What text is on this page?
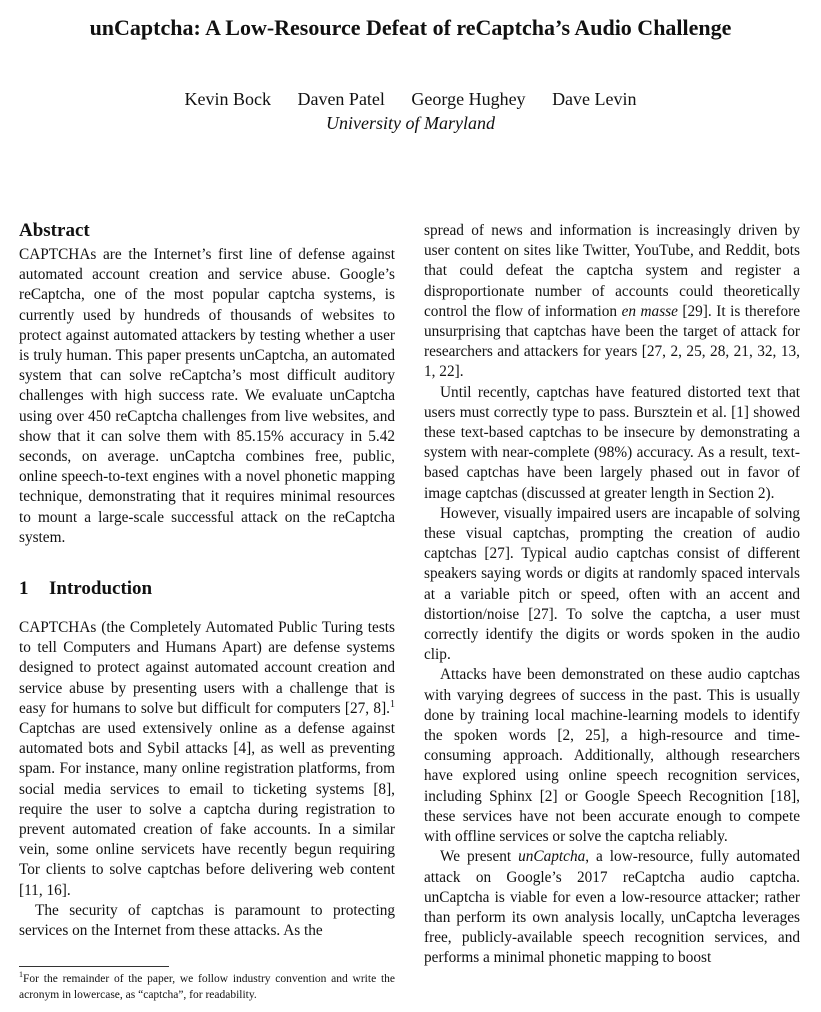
unCaptcha: A Low-Resource Defeat of reCaptcha’s Audio Challenge
Kevin Bock Daven Patel George Hughey Dave Levin
University of Maryland
Abstract

CAPTCHAs are the Internet’s first line of defense against automated account creation and service abuse. Google’s reCaptcha, one of the most popular captcha systems, is currently used by hundreds of thousands of websites to protect against automated attackers by testing whether a user is truly human. This paper presents unCaptcha, an automated system that can solve reCaptcha’s most difficult auditory challenges with high success rate. We evaluate unCaptcha using over 450 reCaptcha challenges from live websites, and show that it can solve them with 85.15% accuracy in 5.42 seconds, on average. unCaptcha combines free, public, online speech-to-text engines with a novel phonetic mapping technique, demonstrating that it requires minimal resources to mount a large-scale successful attack on the reCaptcha system.

1 Introduction

CAPTCHAs (the Completely Automated Public Turing tests to tell Computers and Humans Apart) are defense systems designed to protect against automated account creation and service abuse by presenting users with a challenge that is easy for humans to solve but difficult for computers [27, 8].$^1$ Captchas are used extensively online as a defense against automated bots and Sybil attacks [4], as well as preventing spam. For instance, many online registration platforms, from social media services to email to ticketing systems [8], require the user to solve a captcha during registration to prevent automated creation of fake accounts. In a similar vein, some online servicets have recently begun requiring Tor clients to solve captchas before delivering web content [11, 16].

The security of captchas is paramount to protecting services on the Internet from these attacks. As the

$^1$For the remainder of the paper, we follow industry convention and write the acronym in lowercase, as “captcha”, for readability.

spread of news and information is increasingly driven by user content on sites like Twitter, YouTube, and Reddit, bots that could defeat the captcha system and register a disproportionate number of accounts could theoretically control the flow of information en masse [29]. It is therefore unsurprising that captchas have been the target of attack for researchers and attackers for years [27, 2, 25, 28, 21, 32, 13, 1, 22].

Until recently, captchas have featured distorted text that users must correctly type to pass. Bursztein et al. [1] showed these text-based captchas to be insecure by demonstrating a system with near-complete (98%) accuracy. As a result, text-based captchas have been largely phased out in favor of image captchas (discussed at greater length in Section 2).

However, visually impaired users are incapable of solving these visual captchas, prompting the creation of audio captchas [27]. Typical audio captchas consist of different speakers saying words or digits at randomly spaced intervals at a variable pitch or speed, often with an accent and distortion/noise [27]. To solve the captcha, a user must correctly identify the digits or words spoken in the audio clip.

Attacks have been demonstrated on these audio captchas with varying degrees of success in the past. This is usually done by training local machine-learning models to identify the spoken words [2, 25], a high-resource and time-consuming approach. Additionally, although researchers have explored using online speech recognition services, including Sphinx [2] or Google Speech Recognition [18], these services have not been accurate enough to compete with offline services or solve the captcha reliably.

We present unCaptcha, a low-resource, fully automated attack on Google’s 2017 reCaptcha audio captcha. unCaptcha is viable for even a low-resource attacker; rather than perform its own analysis locally, unCaptcha leverages free, publicly-available speech recognition services, and performs a minimal phonetic mapping to boost
